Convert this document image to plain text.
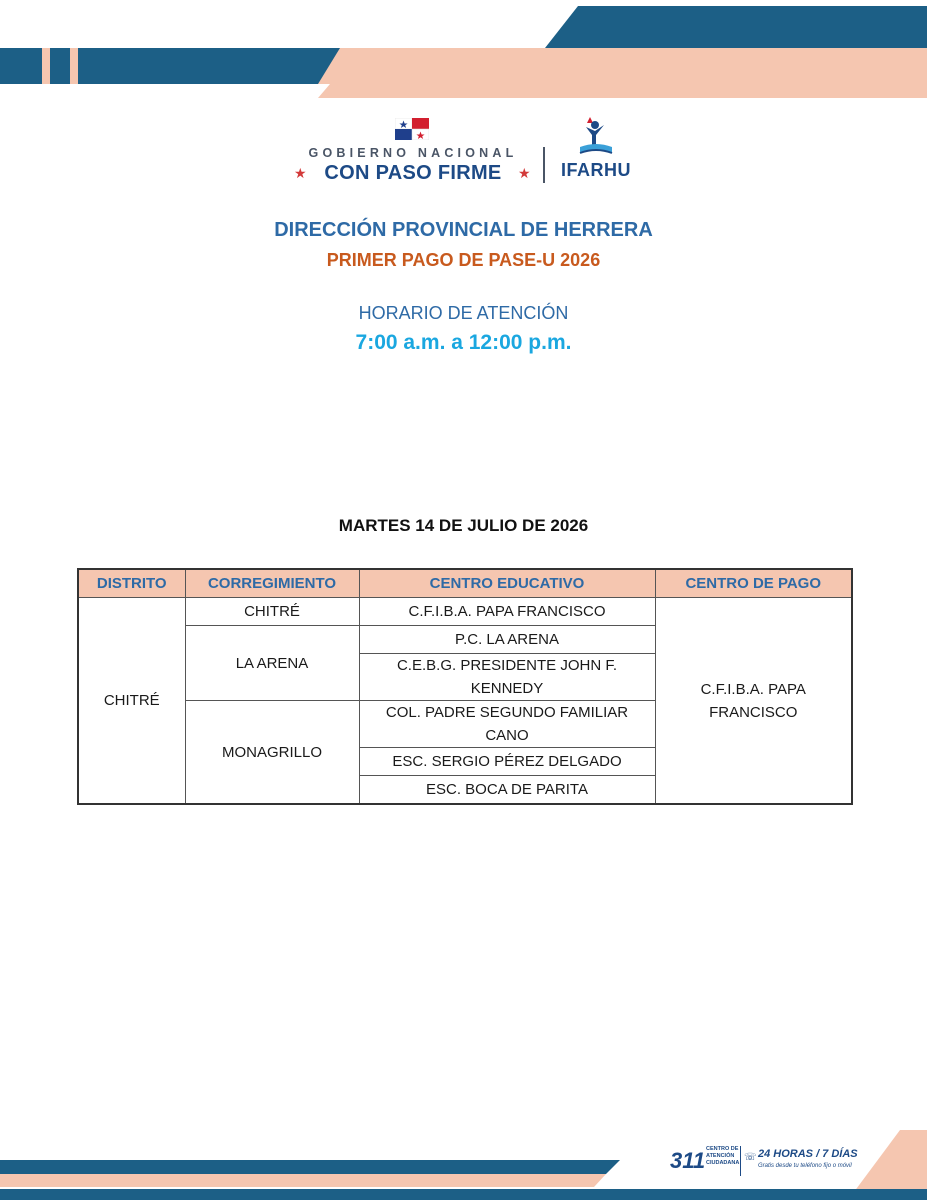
GOBIERNO NACIONAL
★ CON PASO FIRME	★ IFARHU
DIRECCIÓN PROVINCIAL DE HERRERA
PRIMER PAGO DE PASE-U 2026
HORARIO DE ATENCIÓN
7:00 a.m. a 12:00 p.m.
MARTES 14 DE JULIO DE 2026
DISTRITO	CORREGIMIENTO	CENTRO EDUCATIVO	CENTRO DE PAGO
CHITRÉ	CHITRÉ	C.F.I.B.A. PAPA FRANCISCO	C.F.I.B.A. PAPA FRANCISCO
	LA ARENA	P.C. LA ARENA	
		C.E.B.G. PRESIDENTE JOHN F. KENNEDY	
	MONAGRILLO	COL. PADRE SEGUNDO FAMILIAR CANO	
		ESC. SERGIO PÉREZ DELGADO	
		ESC. BOCA DE PARITA	
311 CENTRO DE ATENCIÓN CIUDADANA ☏ 24 HORAS / 7 DÍAS
Gratis desde tu teléfono fijo o móvil
